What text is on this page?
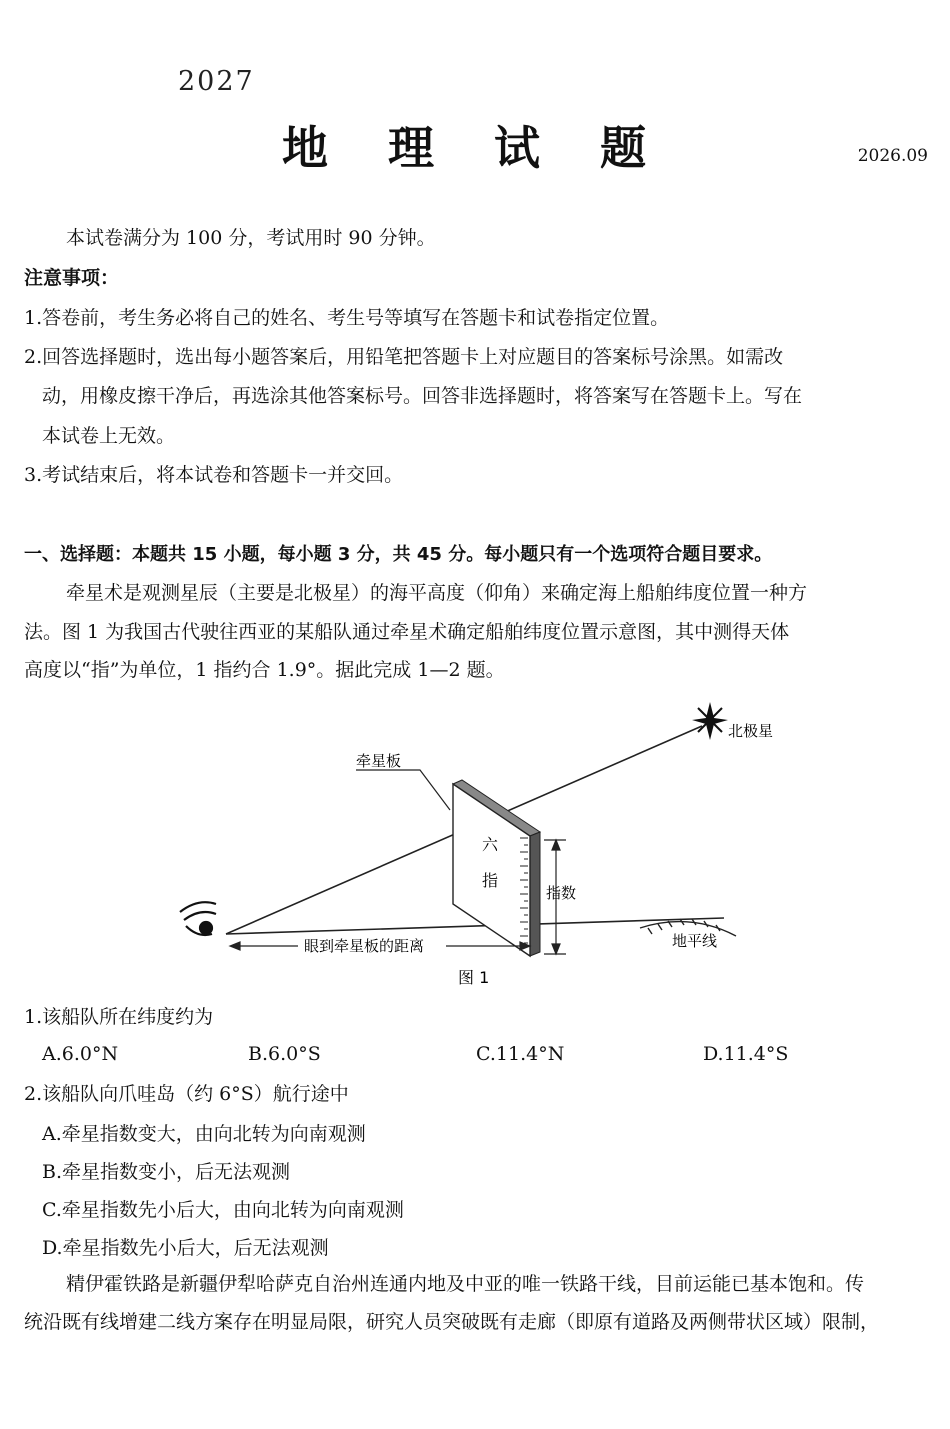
2027
地 理 试 题	2026.09
本试卷满分为 100 分，考试用时 90 分钟。
注意事项：
1.答卷前，考生务必将自己的姓名、考生号等填写在答题卡和试卷指定位置。
2.回答选择题时，选出每小题答案后，用铅笔把答题卡上对应题目的答案标号涂黑。如需改
动，用橡皮擦干净后，再选涂其他答案标号。回答非选择题时，将答案写在答题卡上。写在
本试卷上无效。
3.考试结束后，将本试卷和答题卡一并交回。
一、选择题：本题共 15 小题，每小题 3 分，共 45 分。每小题只有一个选项符合题目要求。
牵星术是观测星辰（主要是北极星）的海平高度（仰角）来确定海上船舶纬度位置一种方
法。图 1 为我国古代驶往西亚的某船队通过牵星术确定船舶纬度位置示意图，其中测得天体
高度以“指”为单位，1 指约合 1.9°。据此完成 1—2 题。
北极星
六
指
牵星板
指数
眼到牵星板的距离	地平线
图 1
1.该船队所在纬度约为
A.6.0°N	B.6.0°S	C.11.4°N	D.11.4°S
2.该船队向爪哇岛（约 6°S）航行途中
A.牵星指数变大，由向北转为向南观测
B.牵星指数变小，后无法观测
C.牵星指数先小后大，由向北转为向南观测
D.牵星指数先小后大，后无法观测
精伊霍铁路是新疆伊犁哈萨克自治州连通内地及中亚的唯一铁路干线，目前运能已基本饱和。传
统沿既有线增建二线方案存在明显局限，研究人员突破既有走廊（即原有道路及两侧带状区域）限制，
